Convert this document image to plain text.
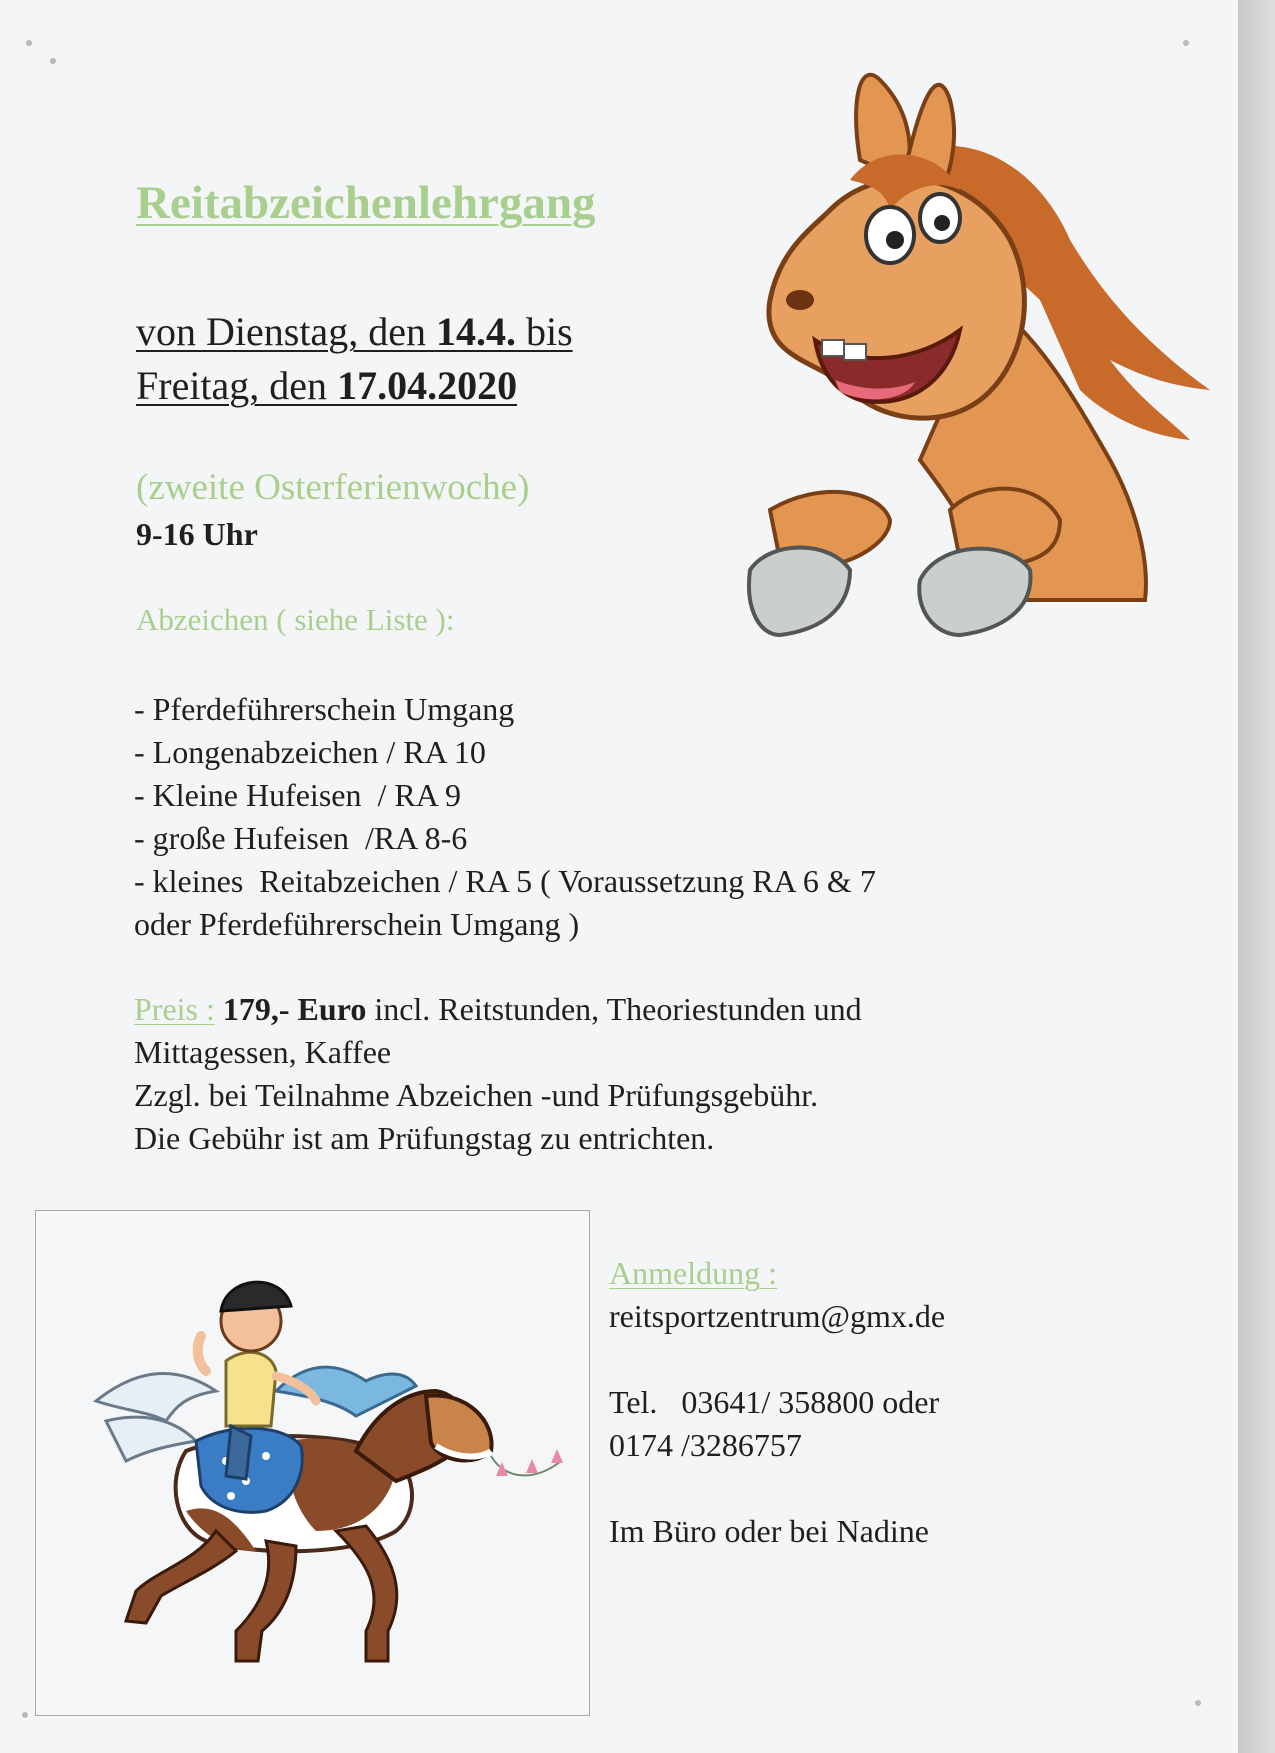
Reitabzeichenlehrgang
von Dienstag, den 14.4. bis
Freitag, den 17.04.2020
(zweite Osterferienwoche)
9-16 Uhr
Abzeichen ( siehe Liste ):
- Pferdeführerschein Umgang
- Longenabzeichen / RA 10
- Kleine Hufeisen  / RA 9
- große Hufeisen  /RA 8-6
- kleines  Reitabzeichen / RA 5 ( Voraussetzung RA 6 & 7
oder Pferdeführerschein Umgang )
Preis : 179,- Euro incl. Reitstunden, Theoriestunden und
Mittagessen, Kaffee
Zzgl. bei Teilnahme Abzeichen -und Prüfungsgebühr.
Die Gebühr ist am Prüfungstag zu entrichten.
Anmeldung :
reitsportzentrum@gmx.de
Tel.   03641/ 358800 oder
0174 /3286757
Im Büro oder bei Nadine
